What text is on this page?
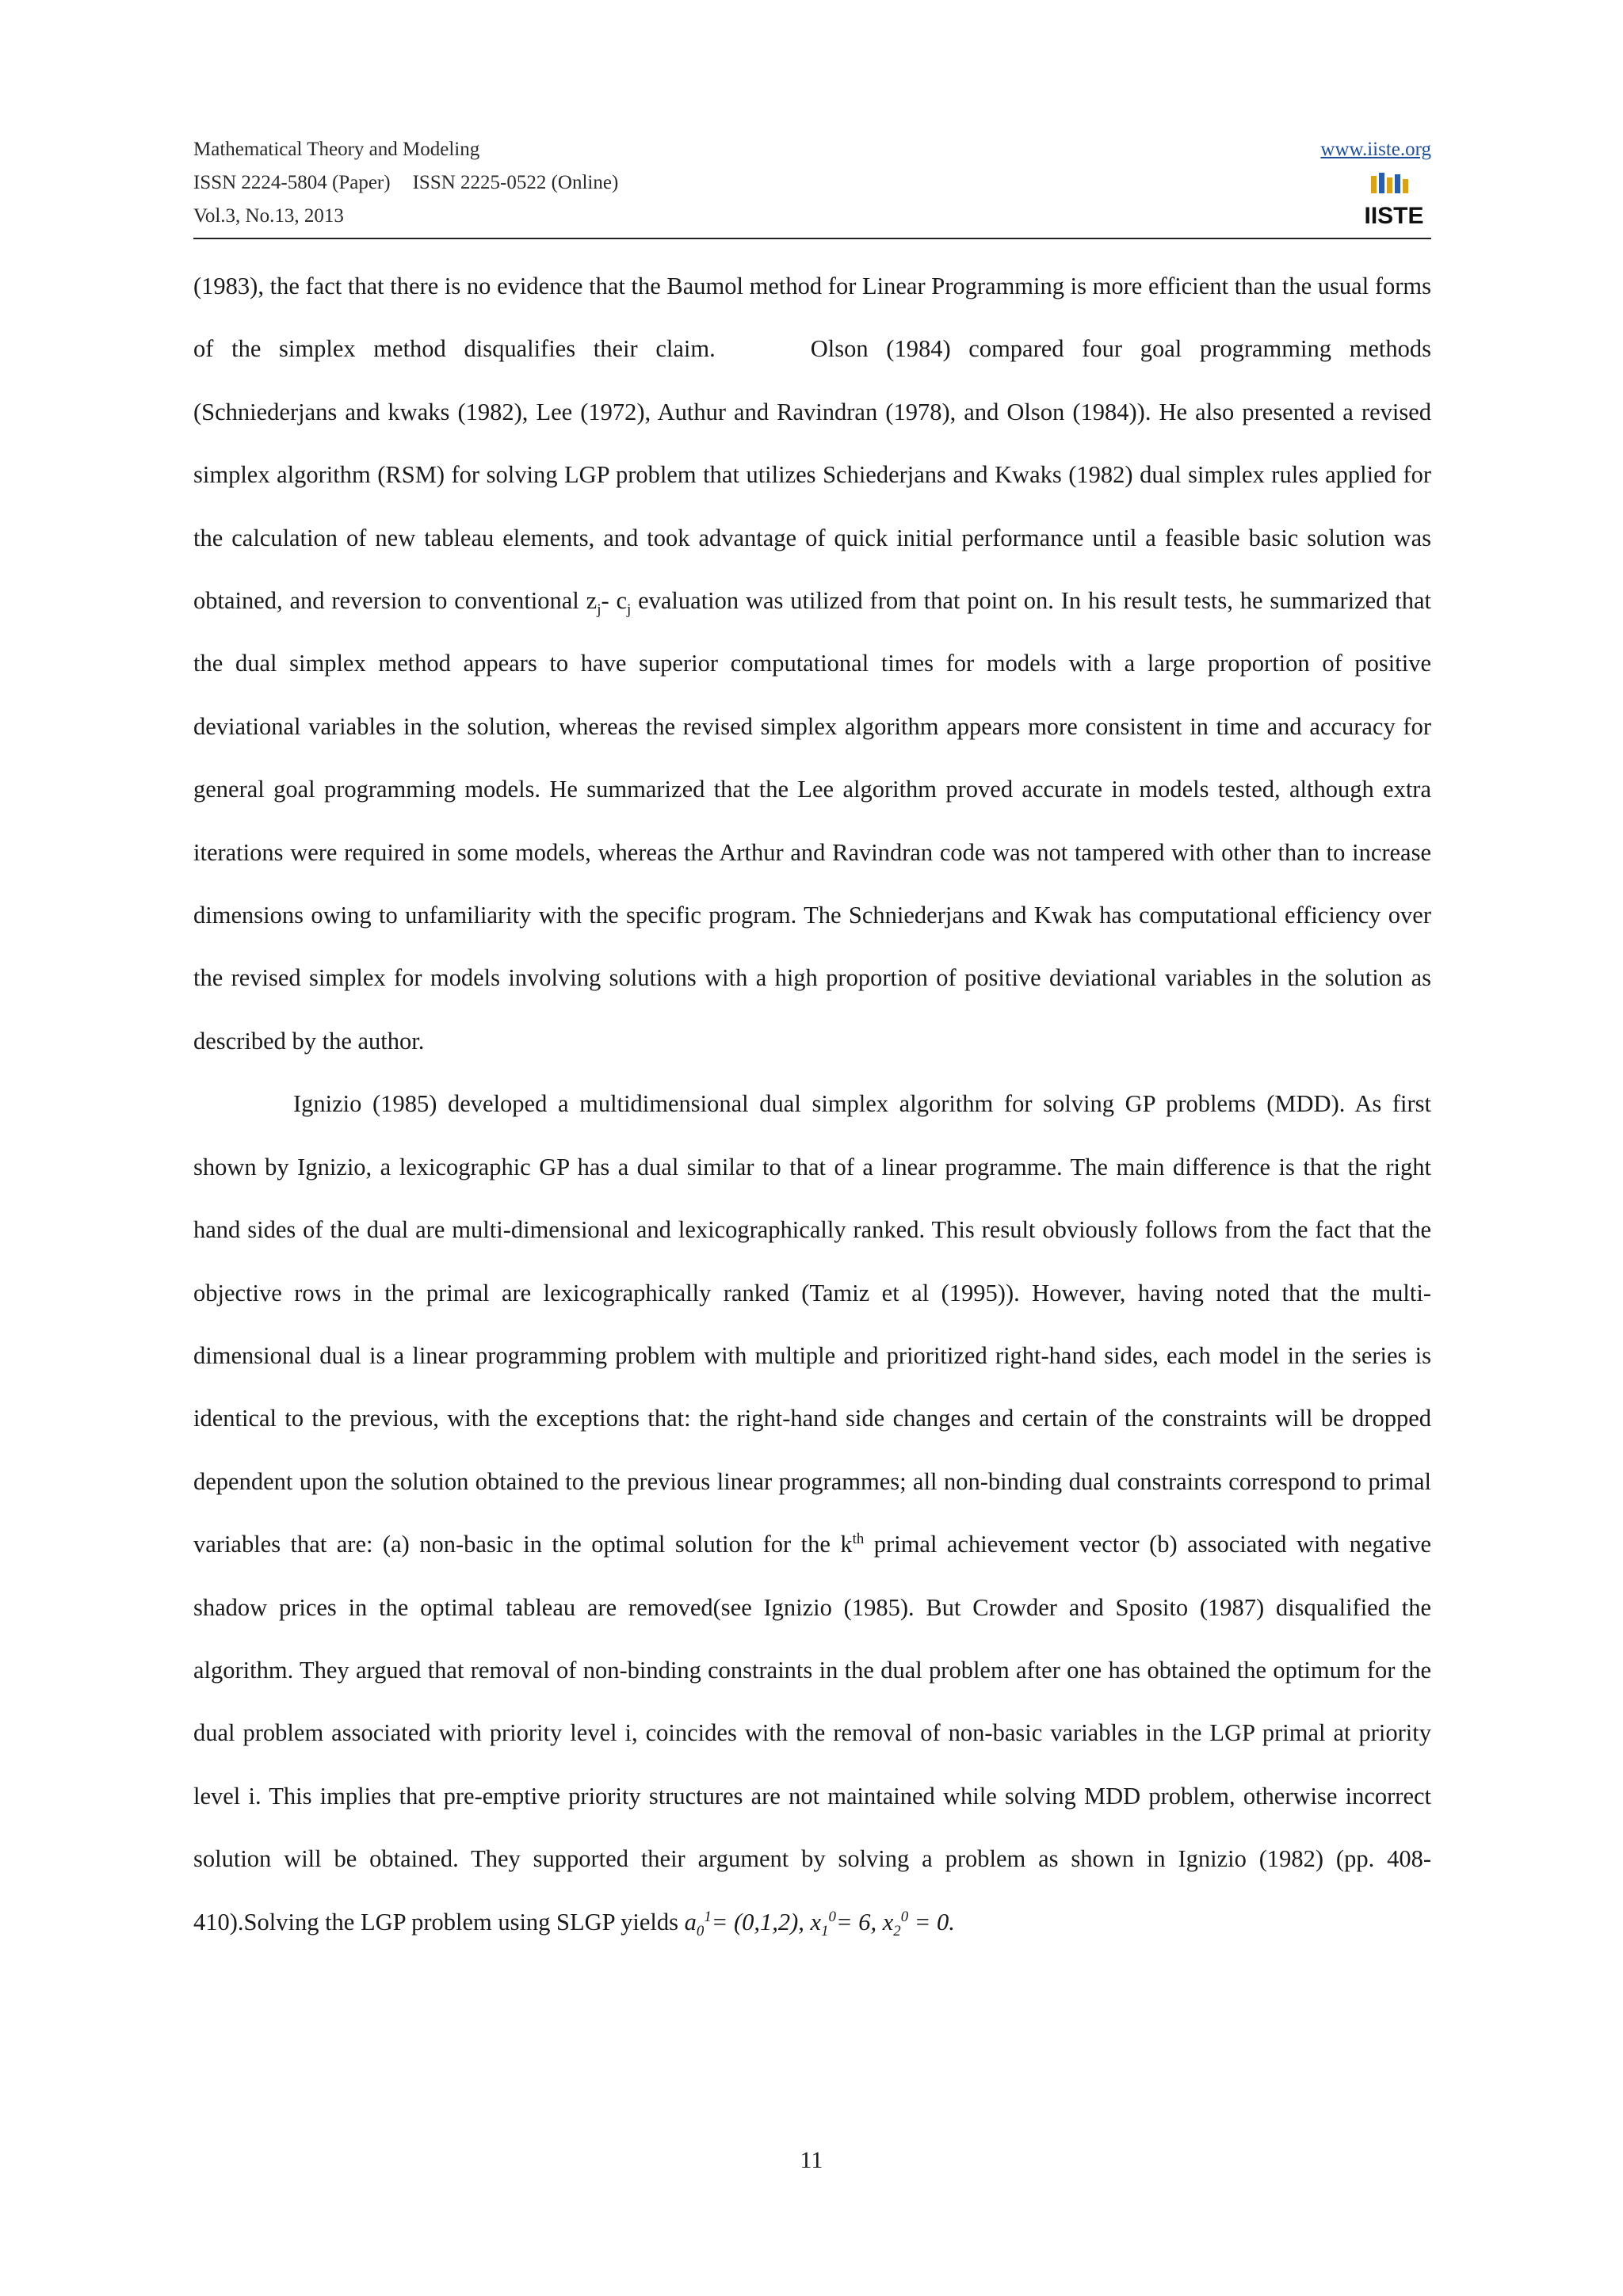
Mathematical Theory and Modeling
ISSN 2224-5804 (Paper) ISSN 2225-0522 (Online)
Vol.3, No.13, 2013
www.iiste.org
IISTE

(1983), the fact that there is no evidence that the Baumol method for Linear Programming is more efficient than the usual forms of the simplex method disqualifies their claim.	Olson (1984) compared four goal programming methods (Schniederjans and kwaks (1982), Lee (1972), Authur and Ravindran (1978), and Olson (1984)). He also presented a revised simplex algorithm (RSM) for solving LGP problem that utilizes Schiederjans and Kwaks (1982) dual simplex rules applied for the calculation of new tableau elements, and took advantage of quick initial performance until a feasible basic solution was obtained, and reversion to conventional $z_j-$ $c_j$ evaluation was utilized from that point on. In his result tests, he summarized that the dual simplex method appears to have superior computational times for models with a large proportion of positive deviational variables in the solution, whereas the revised simplex algorithm appears more consistent in time and accuracy for general goal programming models. He summarized that the Lee algorithm proved accurate in models tested, although extra iterations were required in some models, whereas the Arthur and Ravindran code was not tampered with other than to increase dimensions owing to unfamiliarity with the specific program. The Schniederjans and Kwak has computational efficiency over the revised simplex for models involving solutions with a high proportion of positive deviational variables in the solution as described by the author.

Ignizio (1985) developed a multidimensional dual simplex algorithm for solving GP problems (MDD). As first shown by Ignizio, a lexicographic GP has a dual similar to that of a linear programme. The main difference is that the right hand sides of the dual are multi-dimensional and lexicographically ranked. This result obviously follows from the fact that the objective rows in the primal are lexicographically ranked (Tamiz et al (1995)). However, having noted that the multi-dimensional dual is a linear programming problem with multiple and prioritized right-hand sides, each model in the series is identical to the previous, with the exceptions that: the right-hand side changes and certain of the constraints will be dropped dependent upon the solution obtained to the previous linear programmes; all non-binding dual constraints correspond to primal variables that are: (a) non-basic in the optimal solution for the $k^{th}$ primal achievement vector (b) associated with negative shadow prices in the optimal tableau are removed(see Ignizio (1985). But Crowder and Sposito (1987) disqualified the algorithm. They argued that removal of non-binding constraints in the dual problem after one has obtained the optimum for the dual problem associated with priority level i, coincides with the removal of non-basic variables in the LGP primal at priority level i. This implies that pre-emptive priority structures are not maintained while solving MDD problem, otherwise incorrect solution will be obtained. They supported their argument by solving a problem as shown in Ignizio (1982) (pp. 408-410).Solving the LGP problem using SLGP yields $a_0^1= (0,1,2)$, $x_1^0= 6$, $x_2^0 = 0$.

11
